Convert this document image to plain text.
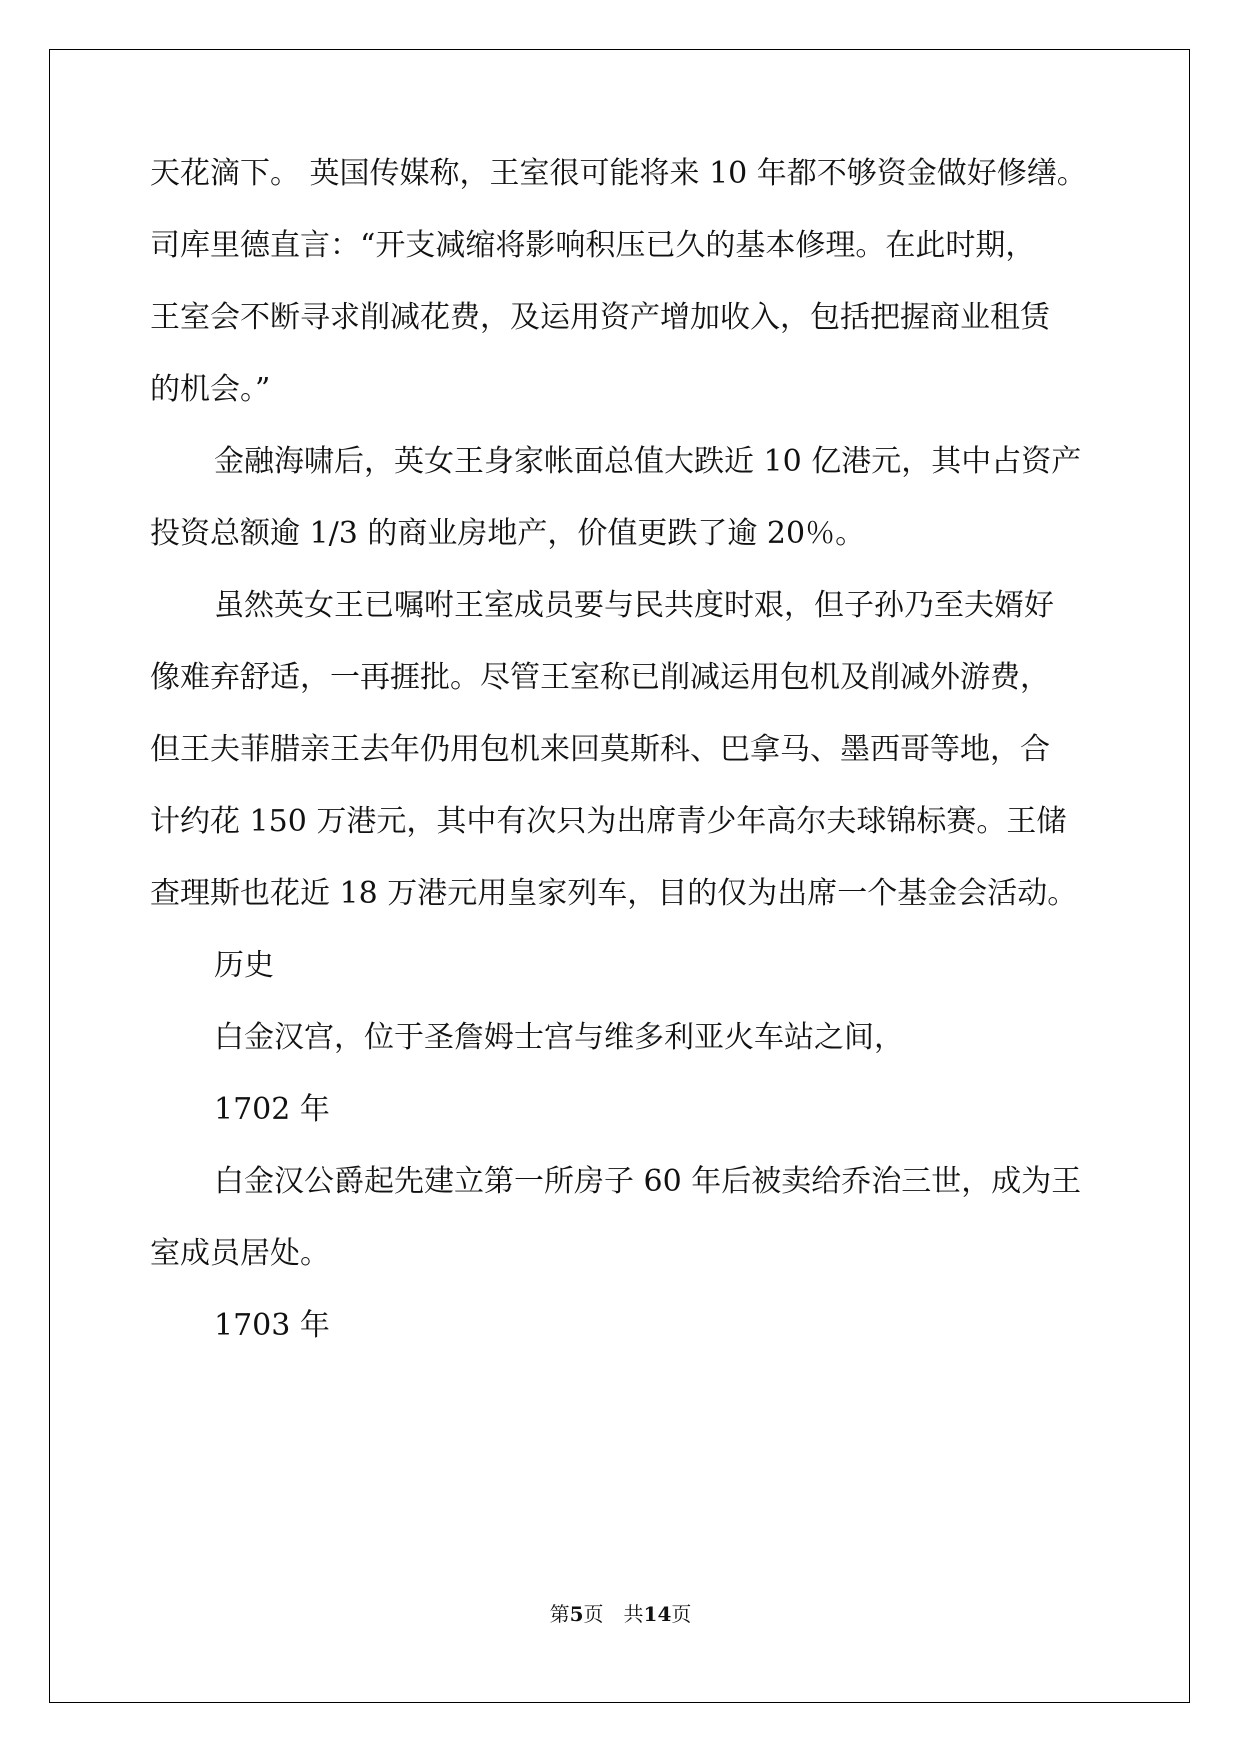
天花滴下。 英国传媒称，王室很可能将来 10 年都不够资金做好修缮。
司库里德直言：“开支减缩将影响积压已久的基本修理。在此时期，
王室会不断寻求削减花费，及运用资产增加收入，包括把握商业租赁
的机会。”
金融海啸后，英女王身家帐面总值大跌近 10 亿港元，其中占资产
投资总额逾 1/3 的商业房地产，价值更跌了逾 20％。
虽然英女王已嘱咐王室成员要与民共度时艰，但子孙乃至夫婿好
像难弃舒适，一再捱批。尽管王室称已削减运用包机及削减外游费，
但王夫菲腊亲王去年仍用包机来回莫斯科、巴拿马、墨西哥等地，合
计约花 150 万港元，其中有次只为出席青少年高尔夫球锦标赛。王储
查理斯也花近 18 万港元用皇家列车，目的仅为出席一个基金会活动。
历史
白金汉宫，位于圣詹姆士宫与维多利亚火车站之间，
1702 年
白金汉公爵起先建立第一所房子 60 年后被卖给乔治三世，成为王
室成员居处。
1703 年
第5页　共14页
